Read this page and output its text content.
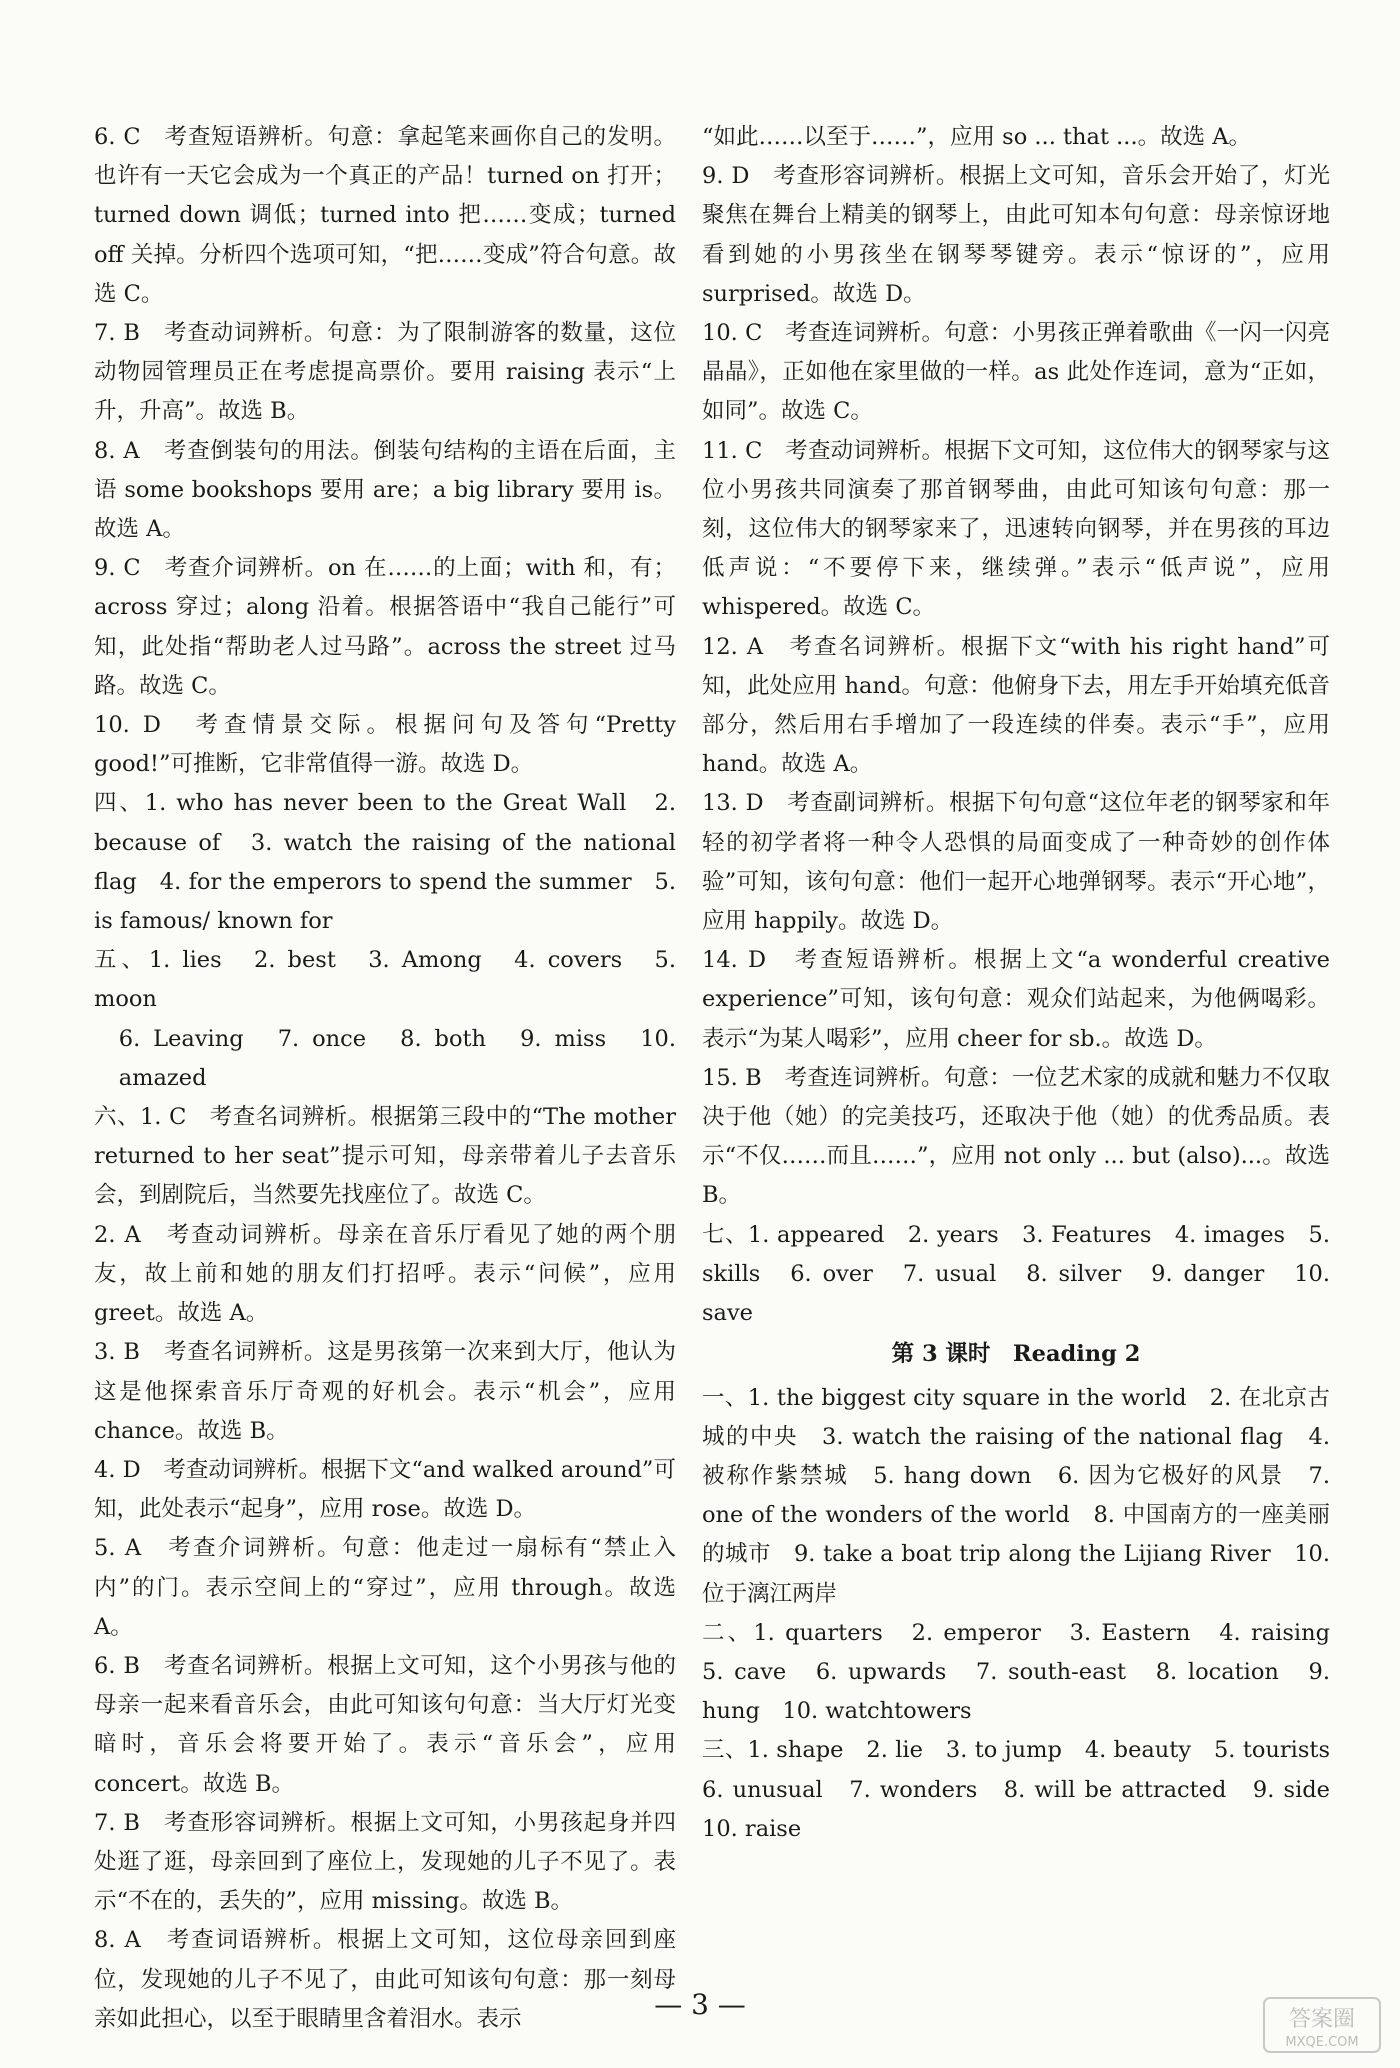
6. C　考查短语辨析。句意：拿起笔来画你自己的发明。也许有一天它会成为一个真正的产品！turned on 打开；turned down 调低；turned into 把……变成；turned off 关掉。分析四个选项可知，“把……变成”符合句意。故选 C。

7. B　考查动词辨析。句意：为了限制游客的数量，这位动物园管理员正在考虑提高票价。要用 raising 表示“上升，升高”。故选 B。

8. A　考查倒装句的用法。倒装句结构的主语在后面，主语 some bookshops 要用 are；a big library 要用 is。故选 A。

9. C　考查介词辨析。on 在……的上面；with 和，有；across 穿过；along 沿着。根据答语中“我自己能行”可知，此处指“帮助老人过马路”。across the street 过马路。故选 C。

10. D　考查情景交际。根据问句及答句“Pretty good!”可推断，它非常值得一游。故选 D。

四、1. who has never been to the Great Wall　2. because of　3. watch the raising of the national flag　4. for the emperors to spend the summer　5. is famous/ known for

五、1. lies　2. best　3. Among　4. covers　5. moon

6. Leaving　7. once　8. both　9. miss　10. amazed

六、1. C　考查名词辨析。根据第三段中的“The mother returned to her seat”提示可知，母亲带着儿子去音乐会，到剧院后，当然要先找座位了。故选 C。

2. A　考查动词辨析。母亲在音乐厅看见了她的两个朋友，故上前和她的朋友们打招呼。表示“问候”，应用 greet。故选 A。

3. B　考查名词辨析。这是男孩第一次来到大厅，他认为这是他探索音乐厅奇观的好机会。表示“机会”，应用 chance。故选 B。

4. D　考查动词辨析。根据下文“and walked around”可知，此处表示“起身”，应用 rose。故选 D。

5. A　考查介词辨析。句意：他走过一扇标有“禁止入内”的门。表示空间上的“穿过”，应用 through。故选 A。

6. B　考查名词辨析。根据上文可知，这个小男孩与他的母亲一起来看音乐会，由此可知该句句意：当大厅灯光变暗时，音乐会将要开始了。表示“音乐会”，应用 concert。故选 B。

7. B　考查形容词辨析。根据上文可知，小男孩起身并四处逛了逛，母亲回到了座位上，发现她的儿子不见了。表示“不在的，丢失的”，应用 missing。故选 B。

8. A　考查词语辨析。根据上文可知，这位母亲回到座位，发现她的儿子不见了，由此可知该句句意：那一刻母亲如此担心，以至于眼睛里含着泪水。表示

“如此……以至于……”，应用 so ... that ...。故选 A。

9. D　考查形容词辨析。根据上文可知，音乐会开始了，灯光聚焦在舞台上精美的钢琴上，由此可知本句句意：母亲惊讶地看到她的小男孩坐在钢琴琴键旁。表示“惊讶的”，应用 surprised。故选 D。

10. C　考查连词辨析。句意：小男孩正弹着歌曲《一闪一闪亮晶晶》，正如他在家里做的一样。as 此处作连词，意为“正如，如同”。故选 C。

11. C　考查动词辨析。根据下文可知，这位伟大的钢琴家与这位小男孩共同演奏了那首钢琴曲，由此可知该句句意：那一刻，这位伟大的钢琴家来了，迅速转向钢琴，并在男孩的耳边低声说：“不要停下来，继续弹。”表示“低声说”，应用 whispered。故选 C。

12. A　考查名词辨析。根据下文“with his right hand”可知，此处应用 hand。句意：他俯身下去，用左手开始填充低音部分，然后用右手增加了一段连续的伴奏。表示“手”，应用 hand。故选 A。

13. D　考查副词辨析。根据下句句意“这位年老的钢琴家和年轻的初学者将一种令人恐惧的局面变成了一种奇妙的创作体验”可知，该句句意：他们一起开心地弹钢琴。表示“开心地”，应用 happily。故选 D。

14. D　考查短语辨析。根据上文“a wonderful creative experience”可知，该句句意：观众们站起来，为他俩喝彩。表示“为某人喝彩”，应用 cheer for sb.。故选 D。

15. B　考查连词辨析。句意：一位艺术家的成就和魅力不仅取决于他（她）的完美技巧，还取决于他（她）的优秀品质。表示“不仅……而且……”，应用 not only ... but (also)...。故选 B。

七、1. appeared　2. years　3. Features　4. images　5. skills　6. over　7. usual　8. silver　9. danger　10. save

第 3 课时　Reading 2

一、1. the biggest city square in the world　2. 在北京古城的中央　3. watch the raising of the national flag　4. 被称作紫禁城　5. hang down　6. 因为它极好的风景　7. one of the wonders of the world　8. 中国南方的一座美丽的城市　9. take a boat trip along the Lijiang River　10. 位于漓江两岸

二、1. quarters　2. emperor　3. Eastern　4. raising　5. cave　6. upwards　7. south-east　8. location　9. hung　10. watchtowers

三、1. shape　2. lie　3. to jump　4. beauty　5. tourists　6. unusual　7. wonders　8. will be attracted　9. side　10. raise

— 3 —	答案圈
MXQE.COM
